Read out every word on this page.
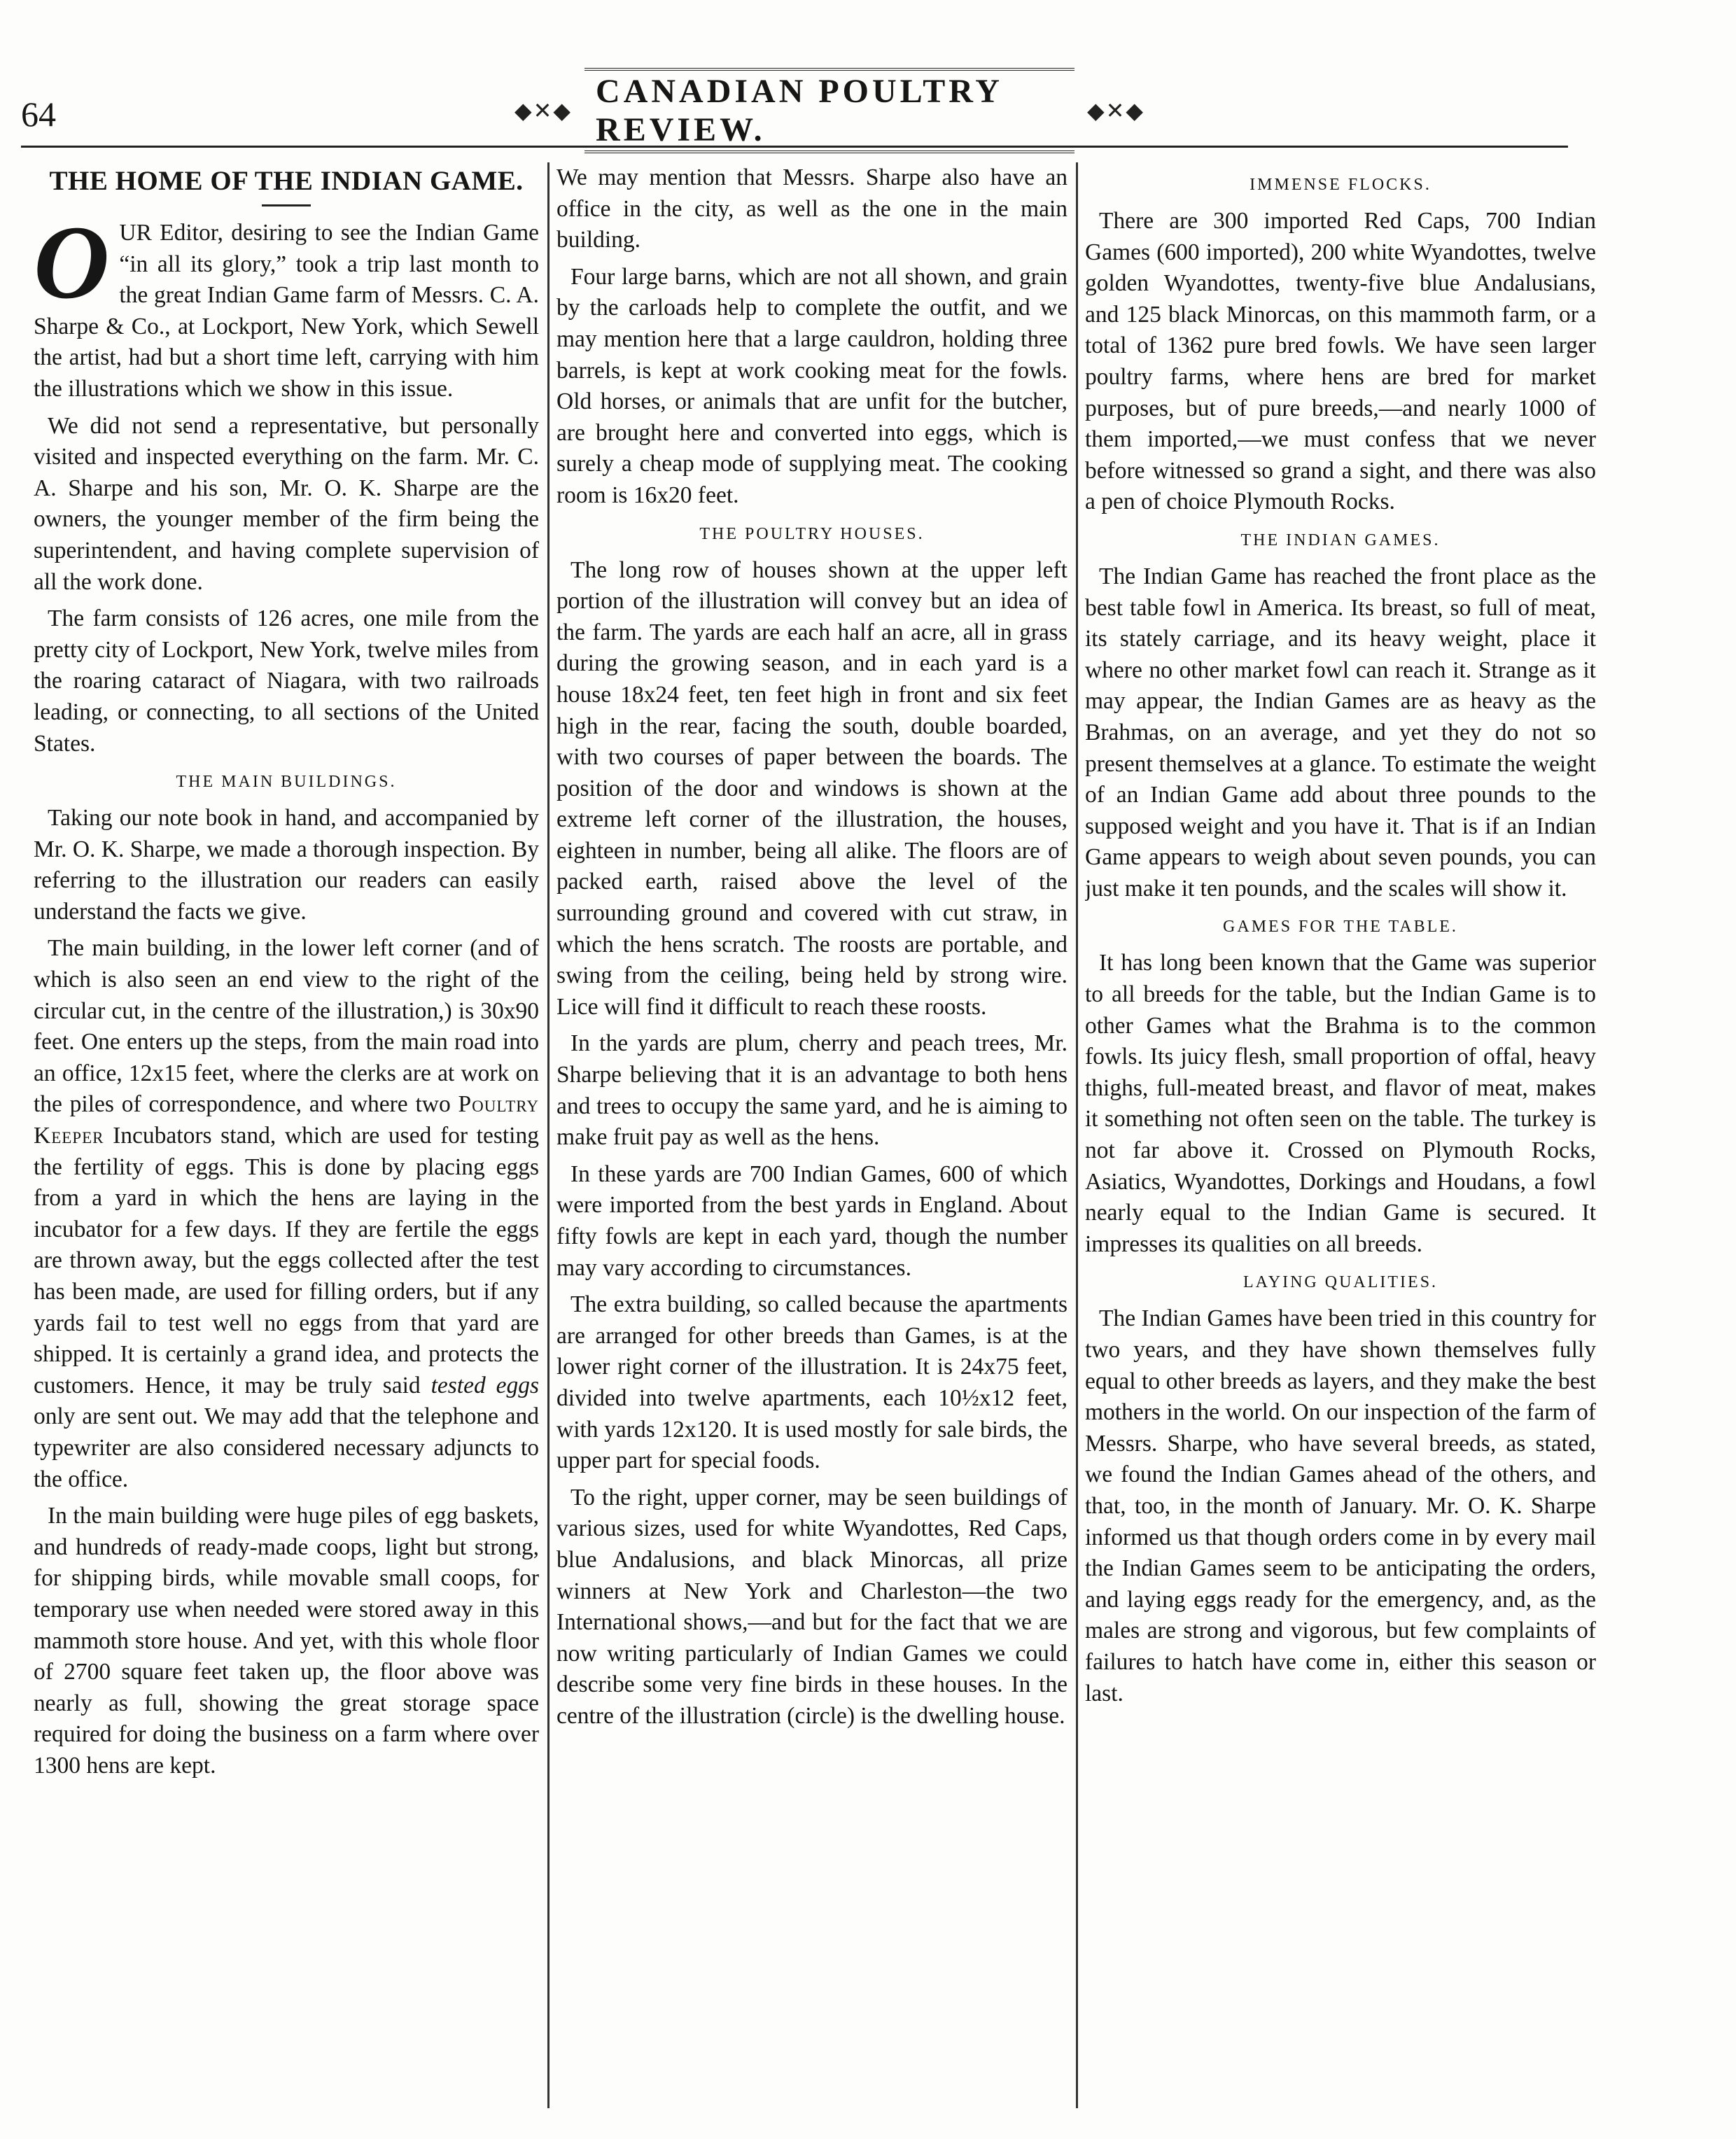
64	◆✕◆
CANADIAN POULTRY REVIEW.
◆✕◆
THE HOME OF THE INDIAN GAME.

OUR Editor, desiring to see the Indian Game “in all its glory,” took a trip last month to the great Indian Game farm of Messrs. C. A. Sharpe & Co., at Lockport, New York, which Sewell the artist, had but a short time left, carrying with him the illustrations which we show in this issue.

We did not send a representative, but personally visited and inspected everything on the farm. Mr. C. A. Sharpe and his son, Mr. O. K. Sharpe are the owners, the younger member of the firm being the superintendent, and having complete supervision of all the work done.

The farm consists of 126 acres, one mile from the pretty city of Lockport, New York, twelve miles from the roaring cataract of Niagara, with two railroads leading, or connecting, to all sections of the United States.

THE MAIN BUILDINGS.

Taking our note book in hand, and accompanied by Mr. O. K. Sharpe, we made a thorough inspection. By referring to the illustration our readers can easily understand the facts we give.

The main building, in the lower left corner (and of which is also seen an end view to the right of the circular cut, in the centre of the illustration,) is 30x90 feet. One enters up the steps, from the main road into an office, 12x15 feet, where the clerks are at work on the piles of correspondence, and where two Poultry Keeper Incubators stand, which are used for testing the fertility of eggs. This is done by placing eggs from a yard in which the hens are laying in the incubator for a few days. If they are fertile the eggs are thrown away, but the eggs collected after the test has been made, are used for filling orders, but if any yards fail to test well no eggs from that yard are shipped. It is certainly a grand idea, and protects the customers. Hence, it may be truly said tested eggs only are sent out. We may add that the telephone and typewriter are also considered necessary adjuncts to the office.

In the main building were huge piles of egg baskets, and hundreds of ready-made coops, light but strong, for shipping birds, while movable small coops, for temporary use when needed were stored away in this mammoth store house. And yet, with this whole floor of 2700 square feet taken up, the floor above was nearly as full, showing the great storage space required for doing the business on a farm where over 1300 hens are kept.

We may mention that Messrs. Sharpe also have an office in the city, as well as the one in the main building.

Four large barns, which are not all shown, and grain by the carloads help to complete the outfit, and we may mention here that a large cauldron, holding three barrels, is kept at work cooking meat for the fowls. Old horses, or animals that are unfit for the butcher, are brought here and converted into eggs, which is surely a cheap mode of supplying meat. The cooking room is 16x20 feet.

THE POULTRY HOUSES.

The long row of houses shown at the upper left portion of the illustration will convey but an idea of the farm. The yards are each half an acre, all in grass during the growing season, and in each yard is a house 18x24 feet, ten feet high in front and six feet high in the rear, facing the south, double boarded, with two courses of paper between the boards. The position of the door and windows is shown at the extreme left corner of the illustration, the houses, eighteen in number, being all alike. The floors are of packed earth, raised above the level of the surrounding ground and covered with cut straw, in which the hens scratch. The roosts are portable, and swing from the ceiling, being held by strong wire. Lice will find it difficult to reach these roosts.

In the yards are plum, cherry and peach trees, Mr. Sharpe believing that it is an advantage to both hens and trees to occupy the same yard, and he is aiming to make fruit pay as well as the hens.

In these yards are 700 Indian Games, 600 of which were imported from the best yards in England. About fifty fowls are kept in each yard, though the number may vary according to circumstances.

The extra building, so called because the apartments are arranged for other breeds than Games, is at the lower right corner of the illustration. It is 24x75 feet, divided into twelve apartments, each 10½x12 feet, with yards 12x120. It is used mostly for sale birds, the upper part for special foods.

To the right, upper corner, may be seen buildings of various sizes, used for white Wyandottes, Red Caps, blue Andalusions, and black Minorcas, all prize winners at New York and Charleston—the two International shows,—and but for the fact that we are now writing particularly of Indian Games we could describe some very fine birds in these houses. In the centre of the illustration (circle) is the dwelling house.

IMMENSE FLOCKS.

There are 300 imported Red Caps, 700 Indian Games (600 imported), 200 white Wyandottes, twelve golden Wyandottes, twenty-five blue Andalusians, and 125 black Minorcas, on this mammoth farm, or a total of 1362 pure bred fowls. We have seen larger poultry farms, where hens are bred for market purposes, but of pure breeds,—and nearly 1000 of them imported,—we must confess that we never before witnessed so grand a sight, and there was also a pen of choice Plymouth Rocks.

THE INDIAN GAMES.

The Indian Game has reached the front place as the best table fowl in America. Its breast, so full of meat, its stately carriage, and its heavy weight, place it where no other market fowl can reach it. Strange as it may appear, the Indian Games are as heavy as the Brahmas, on an average, and yet they do not so present themselves at a glance. To estimate the weight of an Indian Game add about three pounds to the supposed weight and you have it. That is if an Indian Game appears to weigh about seven pounds, you can just make it ten pounds, and the scales will show it.

GAMES FOR THE TABLE.

It has long been known that the Game was superior to all breeds for the table, but the Indian Game is to other Games what the Brahma is to the common fowls. Its juicy flesh, small proportion of offal, heavy thighs, full-meated breast, and flavor of meat, makes it something not often seen on the table. The turkey is not far above it. Crossed on Plymouth Rocks, Asiatics, Wyandottes, Dorkings and Houdans, a fowl nearly equal to the Indian Game is secured. It impresses its qualities on all breeds.

LAYING QUALITIES.

The Indian Games have been tried in this country for two years, and they have shown themselves fully equal to other breeds as layers, and they make the best mothers in the world. On our inspection of the farm of Messrs. Sharpe, who have several breeds, as stated, we found the Indian Games ahead of the others, and that, too, in the month of January. Mr. O. K. Sharpe informed us that though orders come in by every mail the Indian Games seem to be anticipating the orders, and laying eggs ready for the emergency, and, as the males are strong and vigorous, but few complaints of failures to hatch have come in, either this season or last.
